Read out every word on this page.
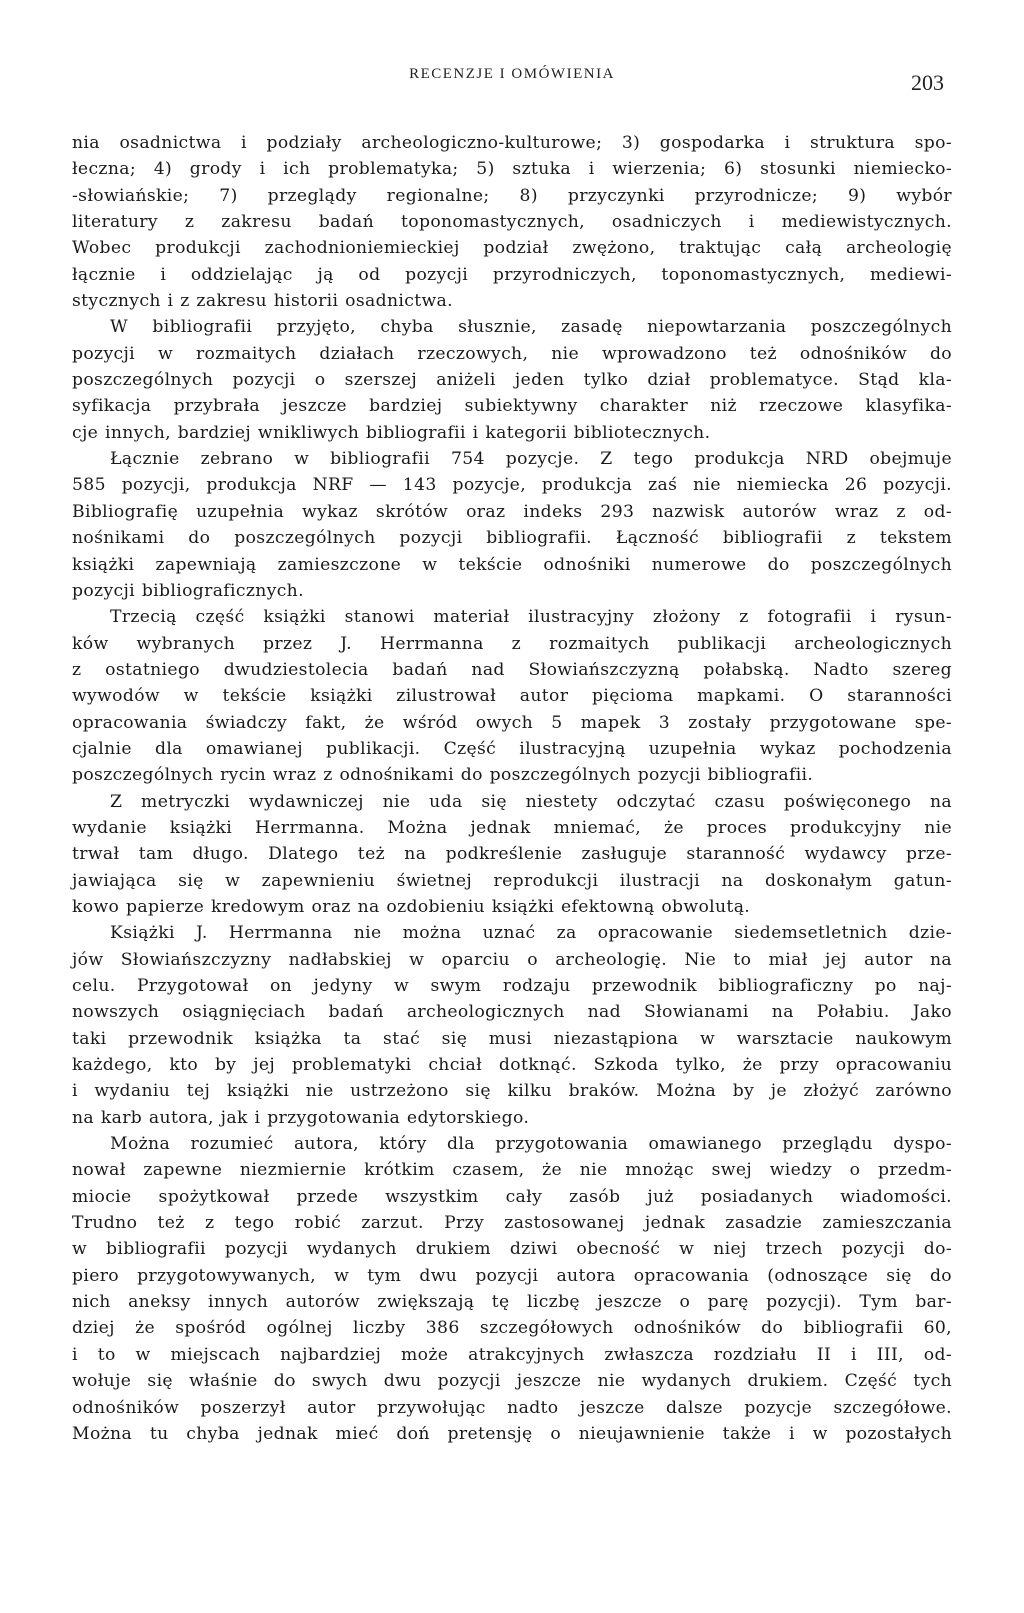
RECENZJE I OMÓWIENIA	203
nia osadnictwa i podziały archeologiczno-kulturowe; 3) gospodarka i struktura spo-
łeczna; 4) grody i ich problematyka; 5) sztuka i wierzenia; 6) stosunki niemiecko-
-słowiańskie; 7) przeglądy regionalne; 8) przyczynki przyrodnicze; 9) wybór
literatury z zakresu badań toponomastycznych, osadniczych i mediewistycznych.
Wobec produkcji zachodnioniemieckiej podział zwężono, traktując całą archeologię
łącznie i oddzielając ją od pozycji przyrodniczych, toponomastycznych, mediewi-
stycznych i z zakresu historii osadnictwa.
W bibliografii przyjęto, chyba słusznie, zasadę niepowtarzania poszczególnych
pozycji w rozmaitych działach rzeczowych, nie wprowadzono też odnośników do
poszczególnych pozycji o szerszej aniżeli jeden tylko dział problematyce. Stąd kla-
syfikacja przybrała jeszcze bardziej subiektywny charakter niż rzeczowe klasyfika-
cje innych, bardziej wnikliwych bibliografii i kategorii bibliotecznych.
Łącznie zebrano w bibliografii 754 pozycje. Z tego produkcja NRD obejmuje
585 pozycji, produkcja NRF — 143 pozycje, produkcja zaś nie niemiecka 26 pozycji.
Bibliografię uzupełnia wykaz skrótów oraz indeks 293 nazwisk autorów wraz z od-
nośnikami do poszczególnych pozycji bibliografii. Łączność bibliografii z tekstem
książki zapewniają zamieszczone w tekście odnośniki numerowe do poszczególnych
pozycji bibliograficznych.
Trzecią część książki stanowi materiał ilustracyjny złożony z fotografii i rysun-
ków wybranych przez J. Herrmanna z rozmaitych publikacji archeologicznych
z ostatniego dwudziestolecia badań nad Słowiańszczyzną połabską. Nadto szereg
wywodów w tekście książki zilustrował autor pięcioma mapkami. O staranności
opracowania świadczy fakt, że wśród owych 5 mapek 3 zostały przygotowane spe-
cjalnie dla omawianej publikacji. Część ilustracyjną uzupełnia wykaz pochodzenia
poszczególnych rycin wraz z odnośnikami do poszczególnych pozycji bibliografii.
Z metryczki wydawniczej nie uda się niestety odczytać czasu poświęconego na
wydanie książki Herrmanna. Można jednak mniemać, że proces produkcyjny nie
trwał tam długo. Dlatego też na podkreślenie zasługuje staranność wydawcy prze-
jawiająca się w zapewnieniu świetnej reprodukcji ilustracji na doskonałym gatun-
kowo papierze kredowym oraz na ozdobieniu książki efektowną obwolutą.
Książki J. Herrmanna nie można uznać za opracowanie siedemsetletnich dzie-
jów Słowiańszczyzny nadłabskiej w oparciu o archeologię. Nie to miał jej autor na
celu. Przygotował on jedyny w swym rodzaju przewodnik bibliograficzny po naj-
nowszych osiągnięciach badań archeologicznych nad Słowianami na Połabiu. Jako
taki przewodnik książka ta stać się musi niezastąpiona w warsztacie naukowym
każdego, kto by jej problematyki chciał dotknąć. Szkoda tylko, że przy opracowaniu
i wydaniu tej książki nie ustrzeżono się kilku braków. Można by je złożyć zarówno
na karb autora, jak i przygotowania edytorskiego.
Można rozumieć autora, który dla przygotowania omawianego przeglądu dyspo-
nował zapewne niezmiernie krótkim czasem, że nie mnożąc swej wiedzy o przedm-
miocie spożytkował przede wszystkim cały zasób już posiadanych wiadomości.
Trudno też z tego robić zarzut. Przy zastosowanej jednak zasadzie zamieszczania
w bibliografii pozycji wydanych drukiem dziwi obecność w niej trzech pozycji do-
piero przygotowywanych, w tym dwu pozycji autora opracowania (odnoszące się do
nich aneksy innych autorów zwiększają tę liczbę jeszcze o parę pozycji). Tym bar-
dziej że spośród ogólnej liczby 386 szczegółowych odnośników do bibliografii 60,
i to w miejscach najbardziej może atrakcyjnych zwłaszcza rozdziału II i III, od-
wołuje się właśnie do swych dwu pozycji jeszcze nie wydanych drukiem. Część tych
odnośników poszerzył autor przywołując nadto jeszcze dalsze pozycje szczegółowe.
Można tu chyba jednak mieć doń pretensję o nieujawnienie także i w pozostałych
